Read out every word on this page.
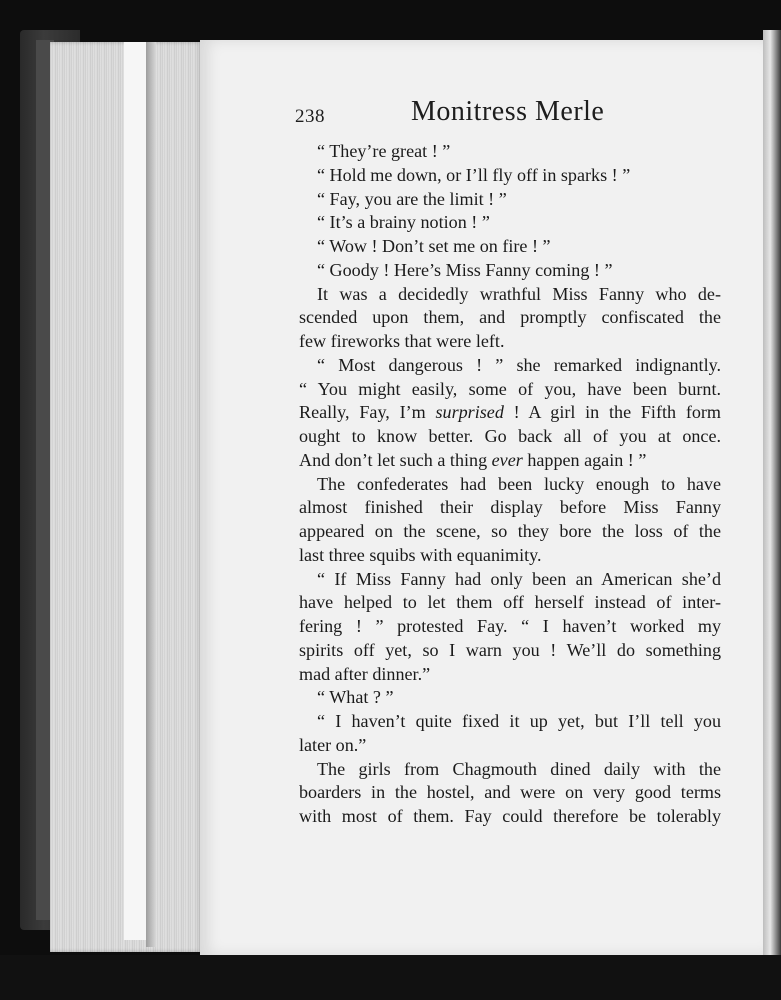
238	Monitress Merle
“ They’re great ! ”
“ Hold me down, or I’ll fly off in sparks ! ”
“ Fay, you are the limit ! ”
“ It’s a brainy notion ! ”
“ Wow ! Don’t set me on fire ! ”
“ Goody ! Here’s Miss Fanny coming ! ”
It was a decidedly wrathful Miss Fanny who de-
scended upon them, and promptly confiscated the
few fireworks that were left.
“ Most dangerous ! ” she remarked indignantly.
“ You might easily, some of you, have been burnt.
Really, Fay, I’m surprised ! A girl in the Fifth form
ought to know better. Go back all of you at once.
And don’t let such a thing ever happen again ! ”
The confederates had been lucky enough to have
almost finished their display before Miss Fanny
appeared on the scene, so they bore the loss of the
last three squibs with equanimity.
“ If Miss Fanny had only been an American she’d
have helped to let them off herself instead of inter-
fering ! ” protested Fay. “ I haven’t worked my
spirits off yet, so I warn you ! We’ll do something
mad after dinner.”
“ What ? ”
“ I haven’t quite fixed it up yet, but I’ll tell you
later on.”
The girls from Chagmouth dined daily with the
boarders in the hostel, and were on very good terms
with most of them. Fay could therefore be tolerably
